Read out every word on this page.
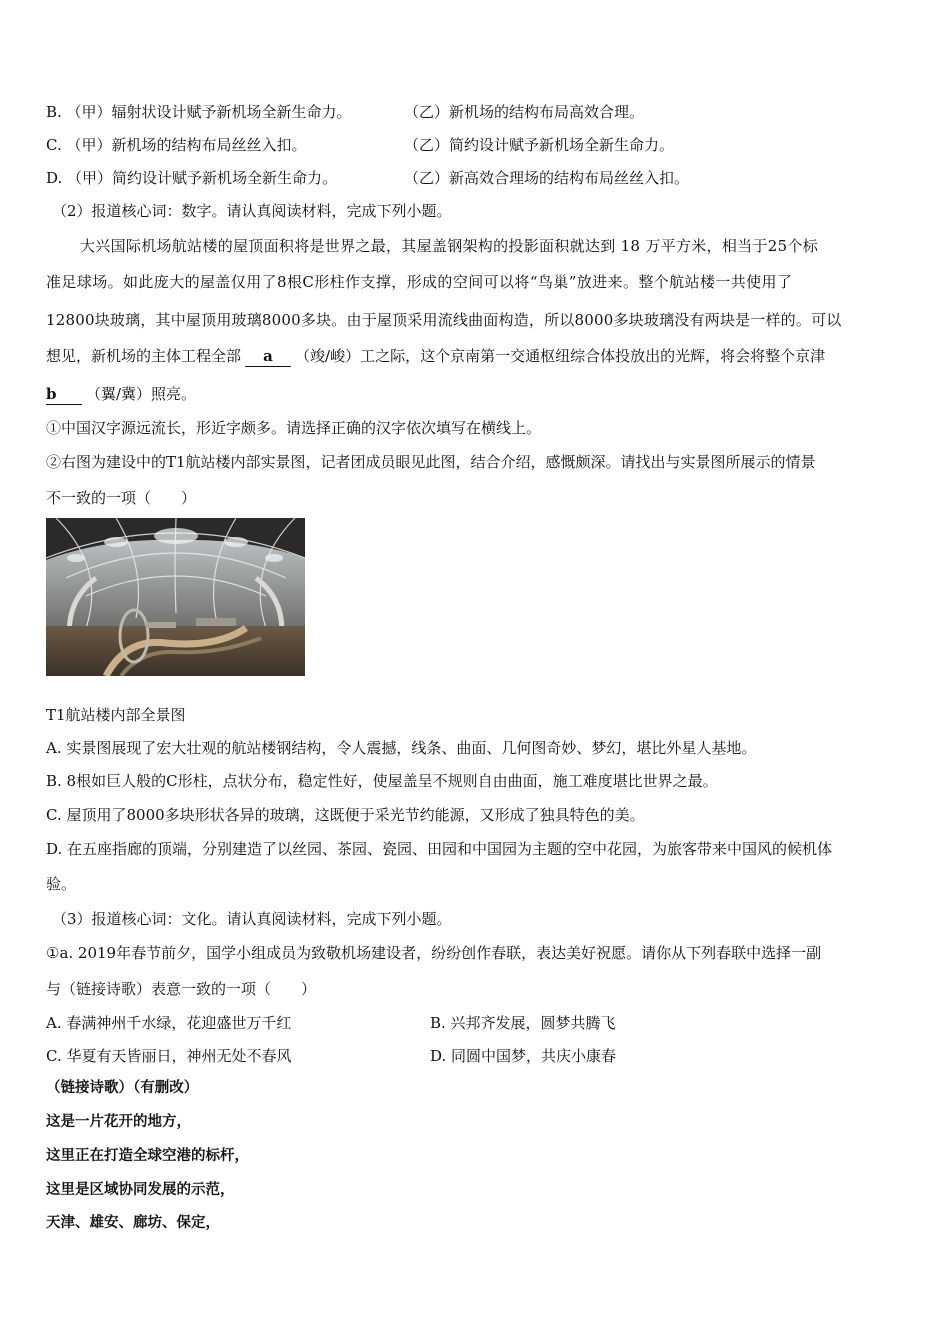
B. （甲）辐射状设计赋予新机场全新生命力。	（乙）新机场的结构布局高效合理。
C. （甲）新机场的结构布局丝丝入扣。	（乙）简约设计赋予新机场全新生命力。
D. （甲）简约设计赋予新机场全新生命力。	（乙）新高效合理场的结构布局丝丝入扣。
（2）报道核心词：数字。请认真阅读材料，完成下列小题。
大兴国际机场航站楼的屋顶面积将是世界之最，其屋盖钢架构的投影面积就达到 18 万平方米，相当于25个标
准足球场。如此庞大的屋盖仅用了8根C形柱作支撑，形成的空间可以将“鸟巢”放进来。整个航站楼一共使用了
12800块玻璃，其中屋顶用玻璃8000多块。由于屋顶采用流线曲面构造，所以8000多块玻璃没有两块是一样的。可以
想见，新机场的主体工程全部 a （竣/峻）工之际，这个京南第一交通枢纽综合体投放出的光辉，将会将整个京津
b （翼/冀）照亮。
①中国汉字源远流长，形近字颇多。请选择正确的汉字依次填写在横线上。
②右图为建设中的T1航站楼内部实景图，记者团成员眼见此图，结合介绍，感慨颇深。请找出与实景图所展示的情景
不一致的一项（　　）
T1航站楼内部全景图
A. 实景图展现了宏大壮观的航站楼钢结构，令人震撼，线条、曲面、几何图奇妙、梦幻，堪比外星人基地。
B. 8根如巨人般的C形柱，点状分布，稳定性好，使屋盖呈不规则自由曲面，施工难度堪比世界之最。
C. 屋顶用了8000多块形状各异的玻璃，这既便于采光节约能源，又形成了独具特色的美。
D. 在五座指廊的顶端，分别建造了以丝园、茶园、瓷园、田园和中国园为主题的空中花园，为旅客带来中国风的候机体
验。
（3）报道核心词：文化。请认真阅读材料，完成下列小题。
①a. 2019年春节前夕，国学小组成员为致敬机场建设者，纷纷创作春联，表达美好祝愿。请你从下列春联中选择一副
与（链接诗歌）表意一致的一项（　　）
A. 春满神州千水绿，花迎盛世万千红	B. 兴邦齐发展，圆梦共腾飞
C. 华夏有天皆丽日，神州无处不春风	D. 同圆中国梦，共庆小康春
（链接诗歌）（有删改）
这是一片花开的地方，
这里正在打造全球空港的标杆，
这里是区域协同发展的示范，
天津、雄安、廊坊、保定，
